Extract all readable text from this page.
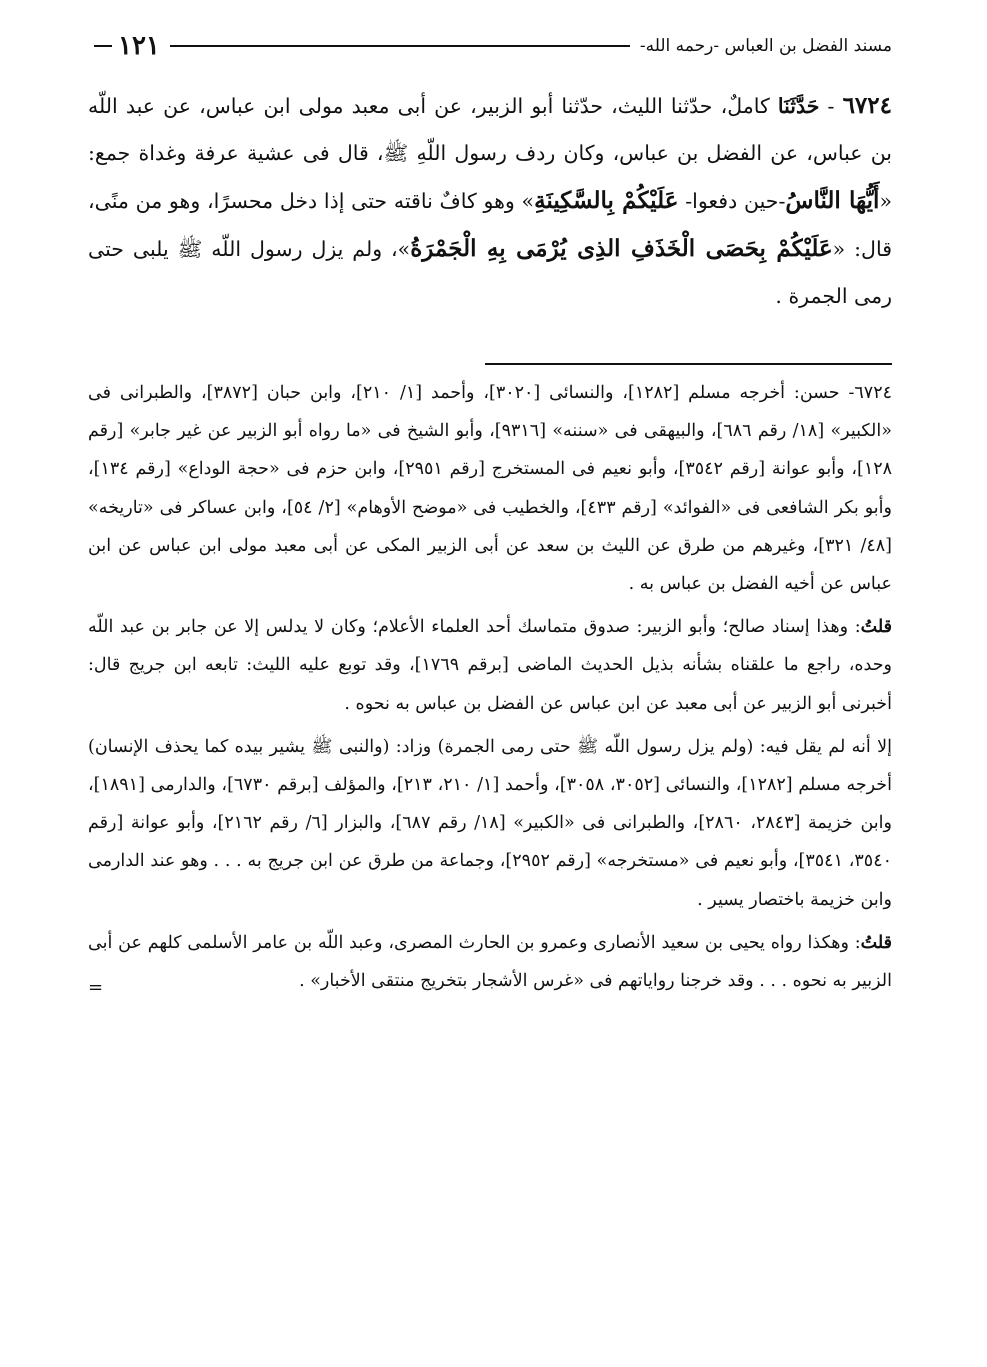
مسند الفضل بن العباس -رحمه الله-
١٢١

٦٧٢٤ - حَدَّثَنَا كاملٌ، حدّثنا الليث، حدّثنا أبو الزبير، عن أبى معبد مولى ابن عباس، عن عبد اللّه بن عباس، عن الفضل بن عباس، وكان ردف رسول اللّهِ ﷺ، قال فى عشية عرفة وغداة جمع: «أَيُّهَا النَّاسُ-حين دفعوا- عَلَيْكُمْ بِالسَّكِينَةِ» وهو كافٌ ناقته حتى إذا دخل محسرًا، وهو من منًى، قال: «عَلَيْكُمْ بِحَصَى الْخَذَفِ الذِى يُرْمَى بِهِ الْجَمْرَةُ»، ولم يزل رسول اللّه ﷺ يلبى حتى رمى الجمرة .

٦٧٢٤- حسن: أخرجه مسلم [١٢٨٢]، والنسائى [٣٠٢٠]، وأحمد [١/ ٢١٠]، وابن حبان [٣٨٧٢]، والطبرانى فى «الكبير» [١٨/ رقم ٦٨٦]، والبيهقى فى «سننه» [٩٣١٦]، وأبو الشيخ فى «ما رواه أبو الزبير عن غير جابر» [رقم ١٢٨]، وأبو عوانة [رقم ٣٥٤٢]، وأبو نعيم فى المستخرج [رقم ٢٩٥١]، وابن حزم فى «حجة الوداع» [رقم ١٣٤]، وأبو بكر الشافعى فى «الفوائد» [رقم ٤٣٣]، والخطيب فى «موضح الأوهام» [٢/ ٥٤]، وابن عساكر فى «تاريخه» [٤٨/ ٣٢١]، وغيرهم من طرق عن الليث بن سعد عن أبى الزبير المكى عن أبى معبد مولى ابن عباس عن ابن عباس عن أخيه الفضل بن عباس به .

قلتُ: وهذا إسناد صالح؛ وأبو الزبير: صدوق متماسك أحد العلماء الأعلام؛ وكان لا يدلس إلا عن جابر بن عبد اللّه وحده، راجع ما علقناه بشأنه بذيل الحديث الماضى [برقم ١٧٦٩]، وقد توبع عليه الليث: تابعه ابن جريج قال: أخبرنى أبو الزبير عن أبى معبد عن ابن عباس عن الفضل بن عباس به نحوه .

إلا أنه لم يقل فيه: (ولم يزل رسول اللّه ﷺ حتى رمى الجمرة) وزاد: (والنبى ﷺ يشير بيده كما يحذف الإنسان) أخرجه مسلم [١٢٨٢]، والنسائى [٣٠٥٢، ٣٠٥٨]، وأحمد [١/ ٢١٠، ٢١٣]، والمؤلف [برقم ٦٧٣٠]، والدارمى [١٨٩١]، وابن خزيمة [٢٨٤٣، ٢٨٦٠]، والطبرانى فى «الكبير» [١٨/ رقم ٦٨٧]، والبزار [٦/ رقم ٢١٦٢]، وأبو عوانة [رقم ٣٥٤٠، ٣٥٤١]، وأبو نعيم فى «مستخرجه» [رقم ٢٩٥٢]، وجماعة من طرق عن ابن جريج به . . . وهو عند الدارمى وابن خزيمة باختصار يسير .

قلتُ: وهكذا رواه يحيى بن سعيد الأنصارى وعمرو بن الحارث المصرى، وعبد اللّه بن عامر الأسلمى كلهم عن أبى الزبير به نحوه . . . وقد خرجنا رواياتهم فى «غرس الأشجار بتخريج منتقى الأخبار» .

=
